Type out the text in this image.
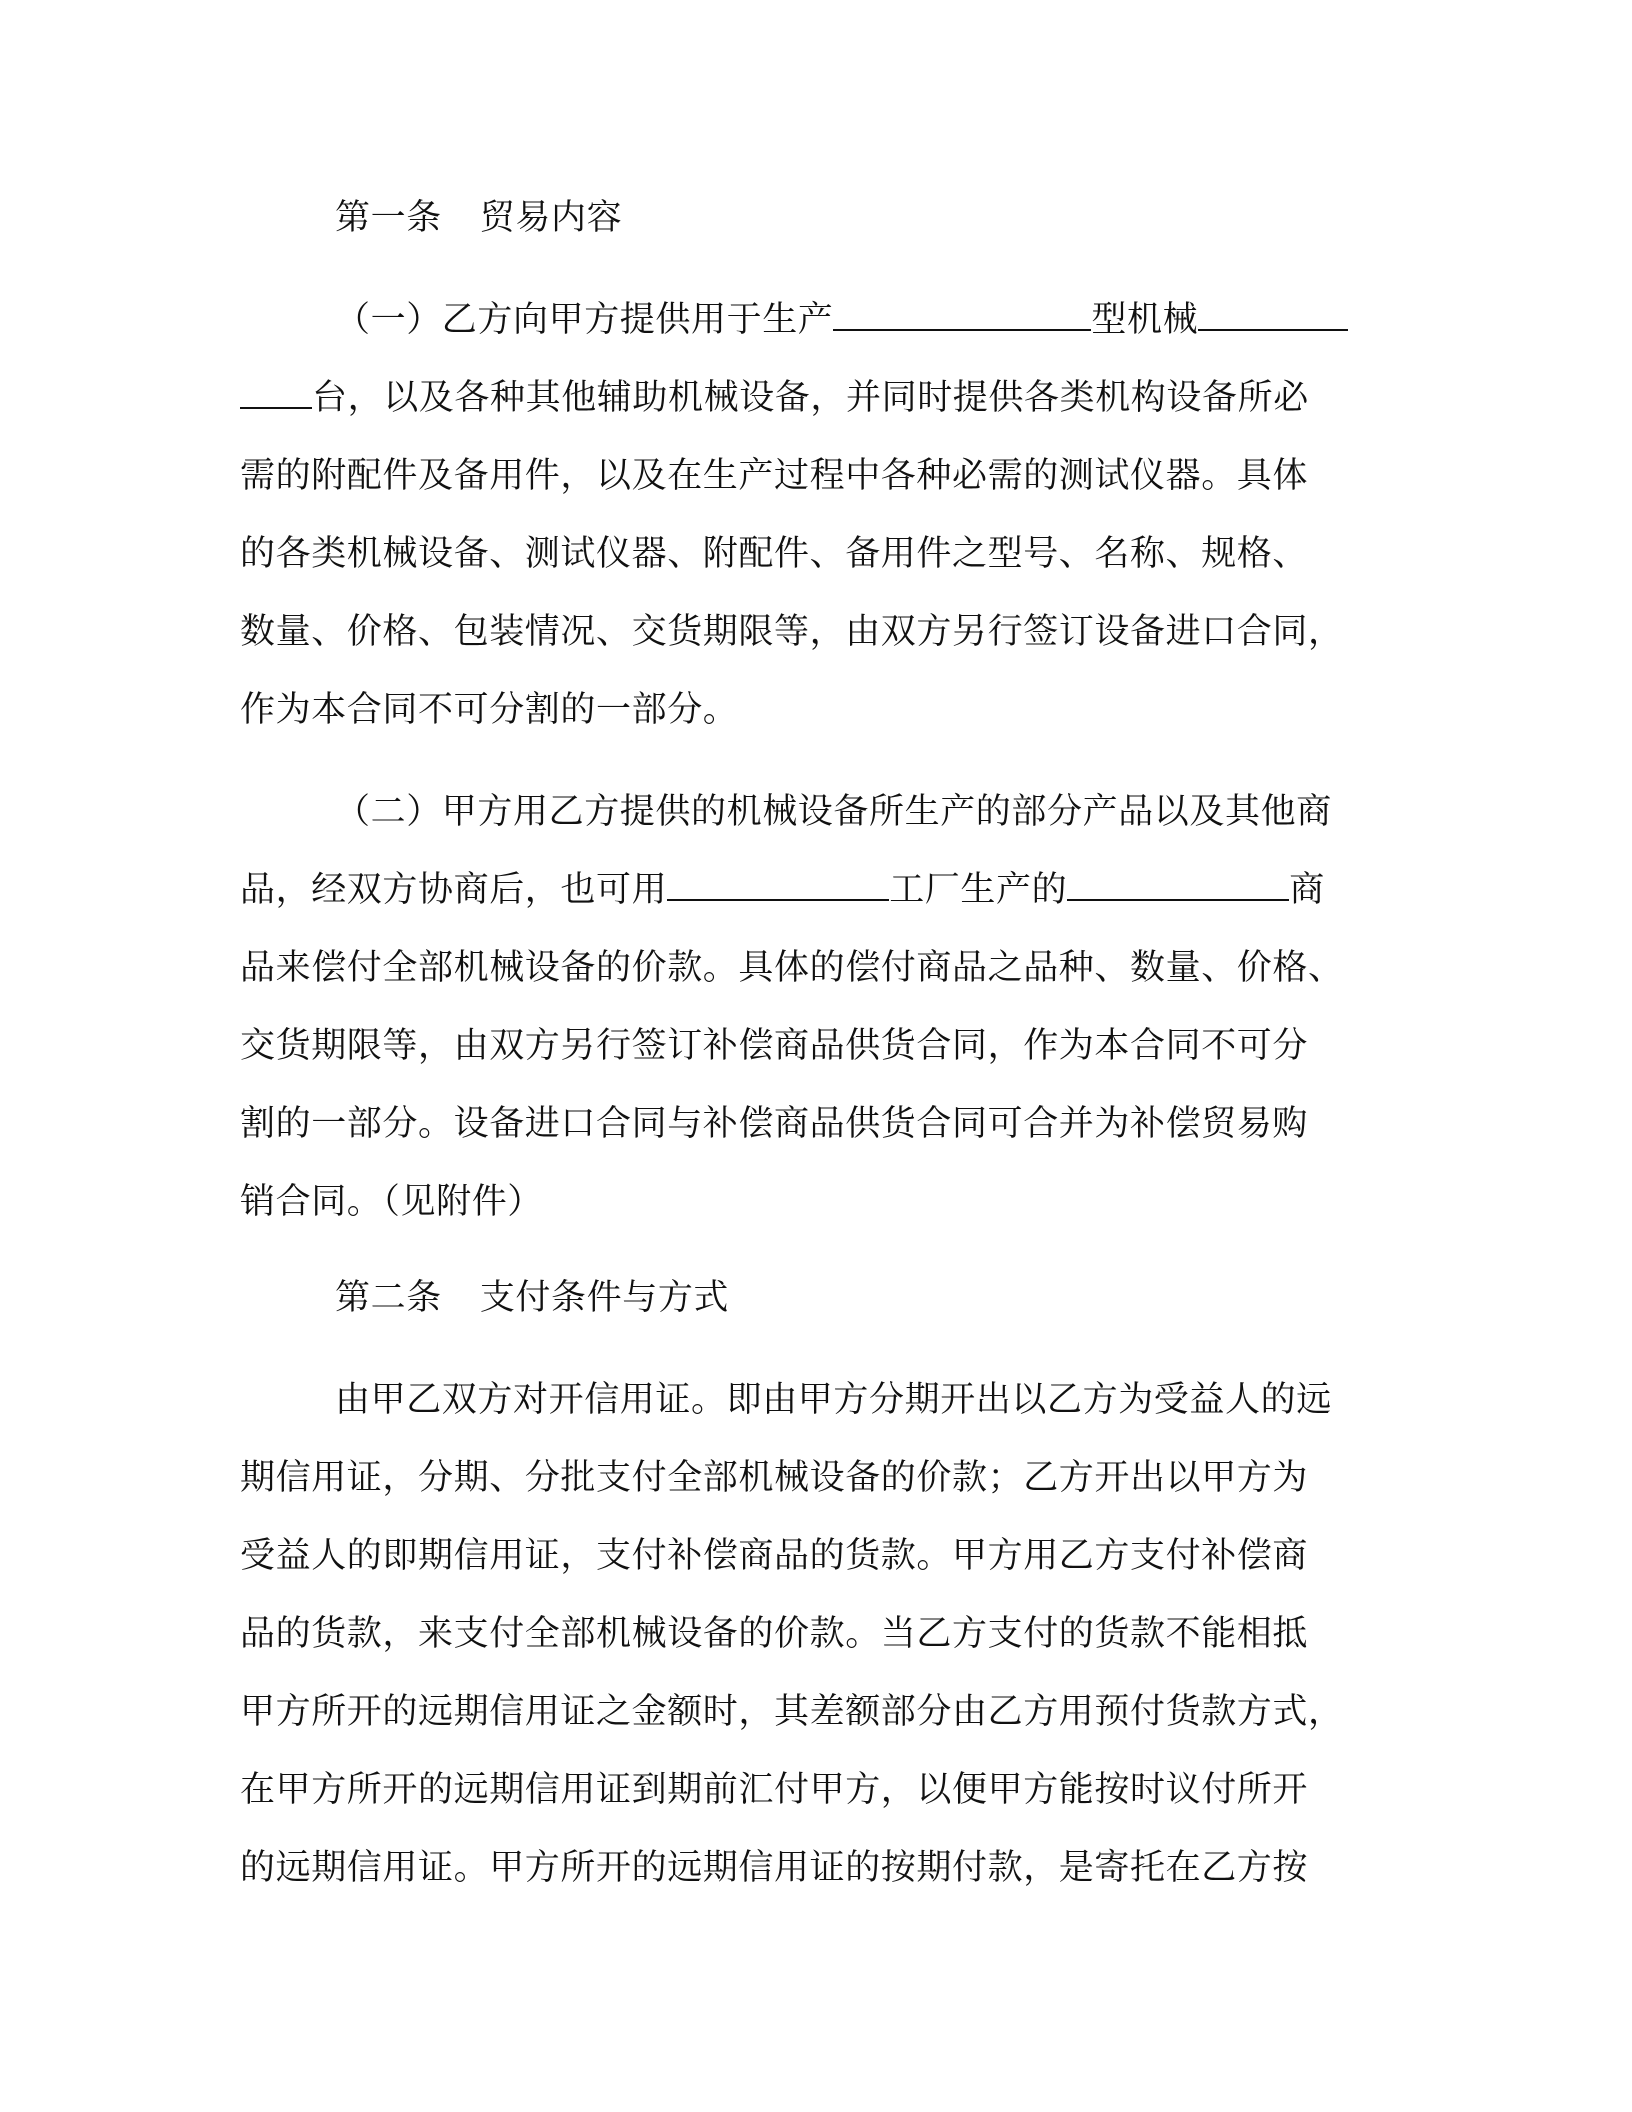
第一条 贸易内容
（一）乙方向甲方提供用于生产	型机械
台，以及各种其他辅助机械设备，并同时提供各类机构设备所必
需的附配件及备用件，以及在生产过程中各种必需的测试仪器。具体
的各类机械设备、测试仪器、附配件、备用件之型号、名称、规格、
数量、价格、包装情况、交货期限等，由双方另行签订设备进口合同，
作为本合同不可分割的一部分。
（二）甲方用乙方提供的机械设备所生产的部分产品以及其他商
品，经双方协商后，也可用	工厂生产的	商
品来偿付全部机械设备的价款。具体的偿付商品之品种、数量、价格、
交货期限等，由双方另行签订补偿商品供货合同，作为本合同不可分
割的一部分。设备进口合同与补偿商品供货合同可合并为补偿贸易购
销合同。（见附件）
第二条 支付条件与方式
由甲乙双方对开信用证。即由甲方分期开出以乙方为受益人的远
期信用证，分期、分批支付全部机械设备的价款；乙方开出以甲方为
受益人的即期信用证，支付补偿商品的货款。甲方用乙方支付补偿商
品的货款，来支付全部机械设备的价款。当乙方支付的货款不能相抵
甲方所开的远期信用证之金额时，其差额部分由乙方用预付货款方式，
在甲方所开的远期信用证到期前汇付甲方，以便甲方能按时议付所开
的远期信用证。甲方所开的远期信用证的按期付款，是寄托在乙方按
